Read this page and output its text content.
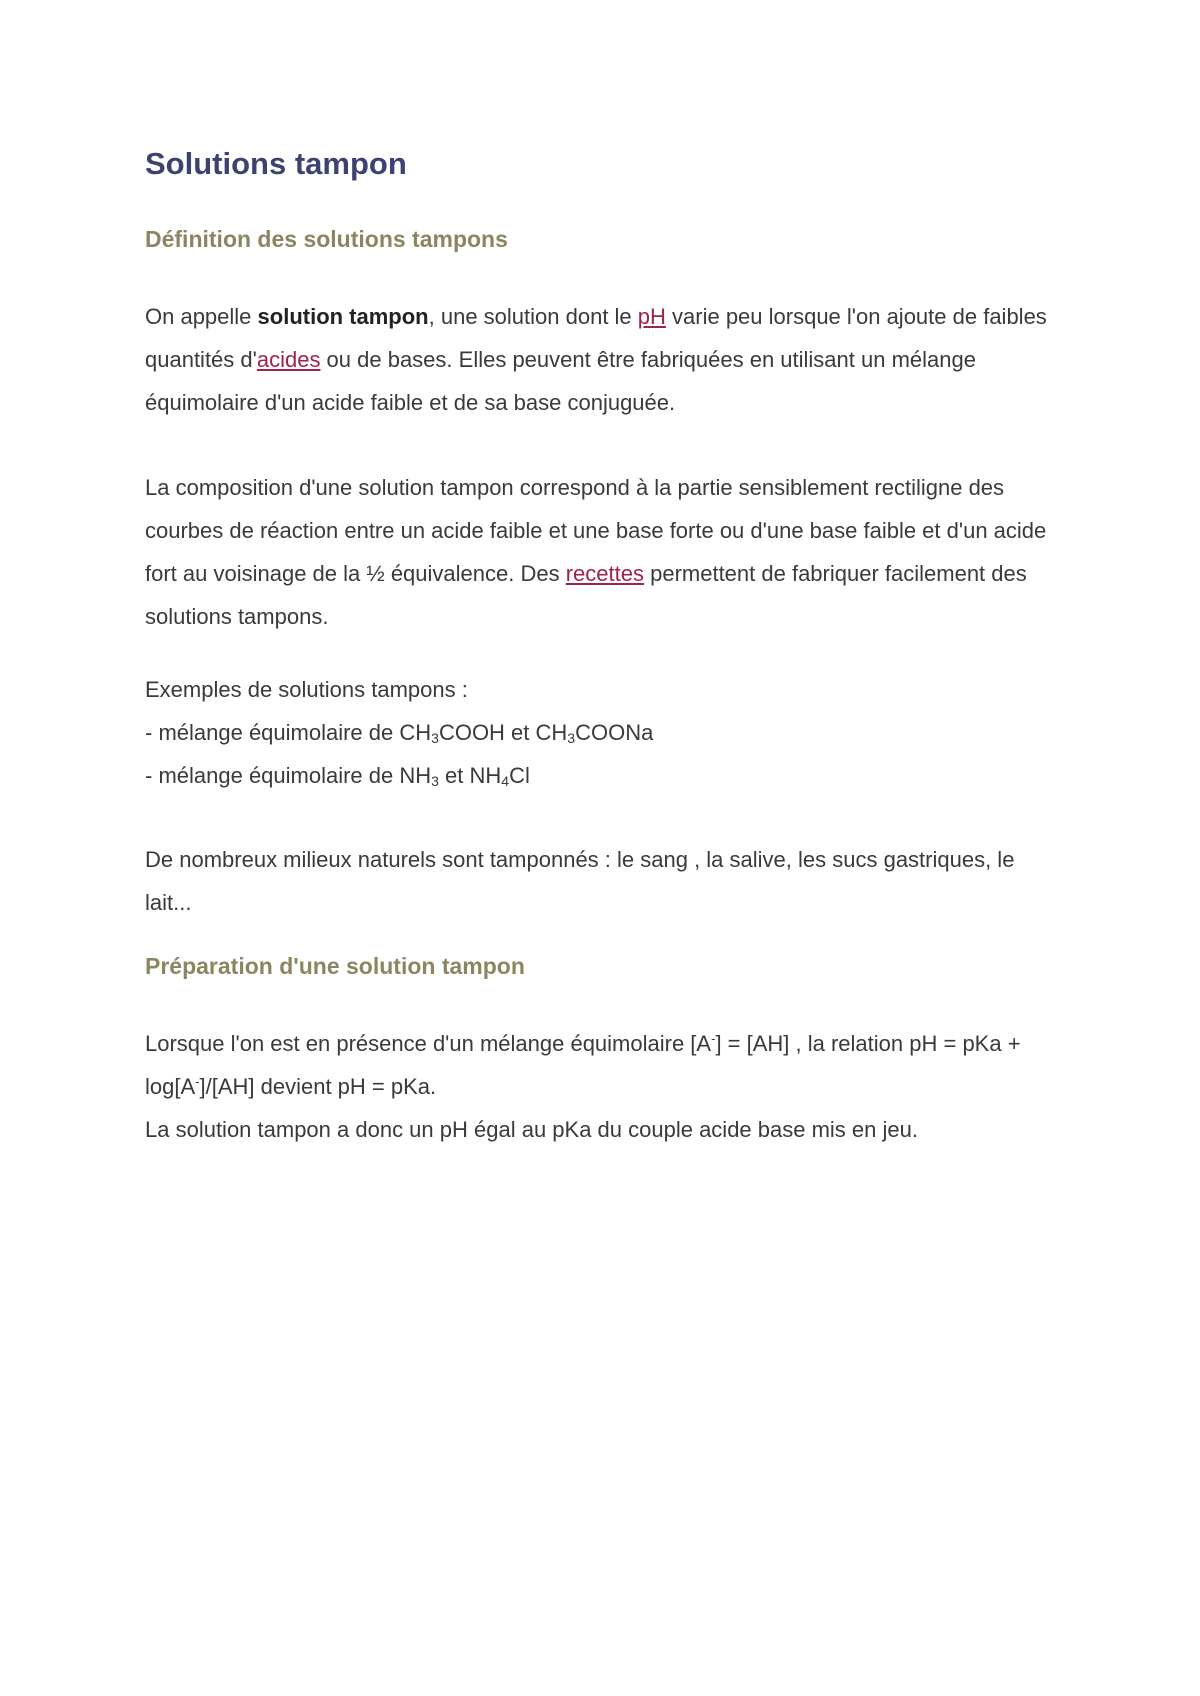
Solutions tampon
Définition des solutions tampons

On appelle solution tampon, une solution dont le pH varie peu lorsque l'on ajoute de faibles quantités d'acides ou de bases. Elles peuvent être fabriquées en utilisant un mélange équimolaire d'un acide faible et de sa base conjuguée.

La composition d'une solution tampon correspond à la partie sensiblement rectiligne des courbes de réaction entre un acide faible et une base forte ou d'une base faible et d'un acide fort au voisinage de la ½ équivalence. Des recettes permettent de fabriquer facilement des solutions tampons.

Exemples de solutions tampons :
- mélange équimolaire de $CH_3COOH$ et $CH_3COONa$
- mélange équimolaire de $NH_3$ et $NH_4Cl$

De nombreux milieux naturels sont tamponnés : le sang , la salive, les sucs gastriques, le lait...

Préparation d'une solution tampon
Lorsque l'on est en présence d'un mélange équimolaire [A-] = [AH] , la relation pH = pKa + log[A-]/[AH] devient pH = pKa.
La solution tampon a donc un pH égal au pKa du couple acide base mis en jeu.
